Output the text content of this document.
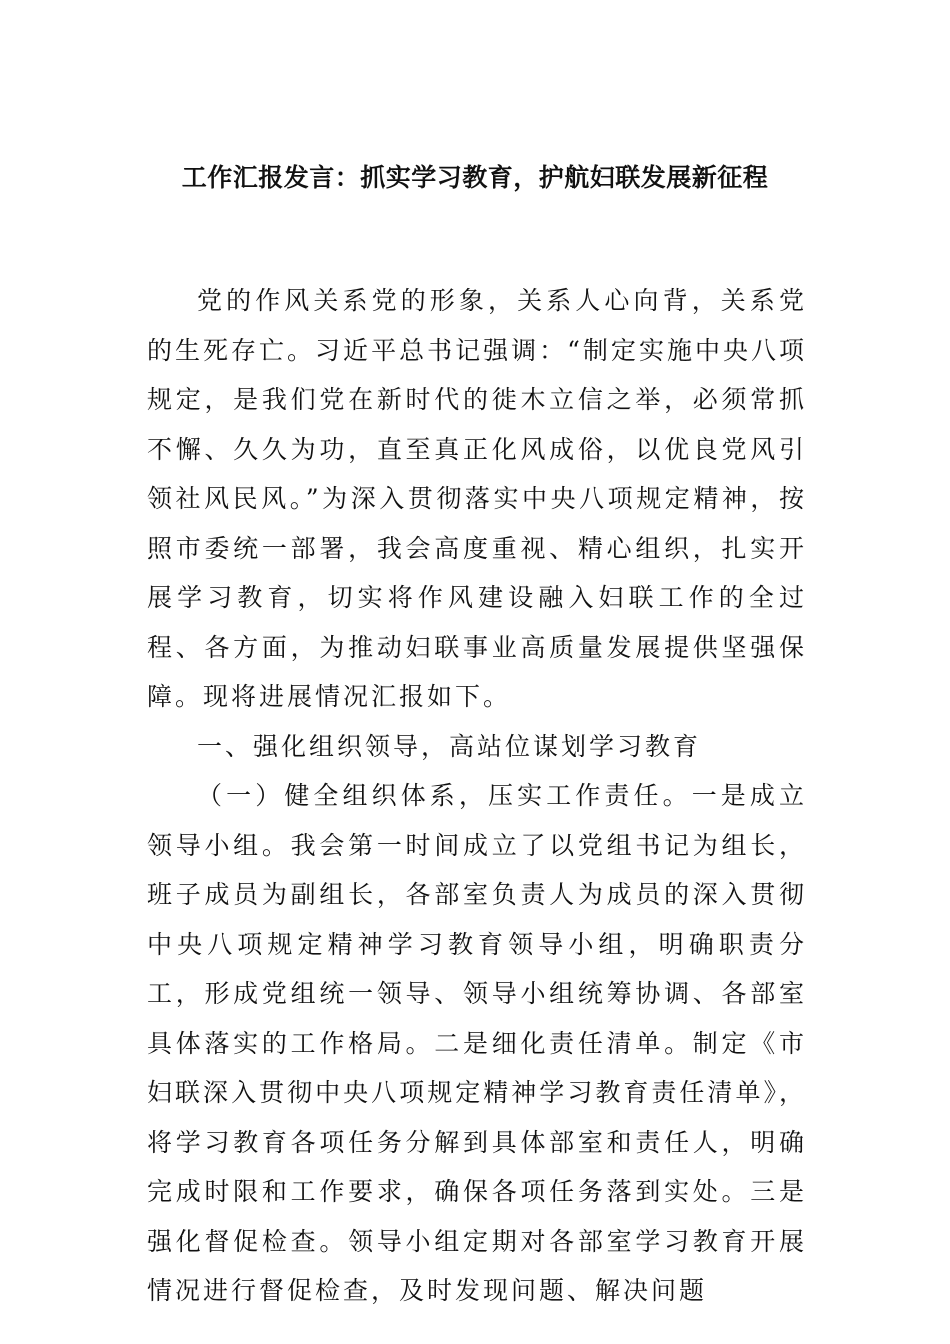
工作汇报发言：抓实学习教育，护航妇联发展新征程

党的作风关系党的形象，关系人心向背，关系党的生死存亡。习近平总书记强调：“制定实施中央八项规定，是我们党在新时代的徙木立信之举，必须常抓不懈、久久为功，直至真正化风成俗，以优良党风引领社风民风。”为深入贯彻落实中央八项规定精神，按照市委统一部署，我会高度重视、精心组织，扎实开展学习教育，切实将作风建设融入妇联工作的全过程、各方面，为推动妇联事业高质量发展提供坚强保障。现将进展情况汇报如下。

一、强化组织领导，高站位谋划学习教育

（一）健全组织体系，压实工作责任。一是成立领导小组。我会第一时间成立了以党组书记为组长，班子成员为副组长，各部室负责人为成员的深入贯彻中央八项规定精神学习教育领导小组，明确职责分工，形成党组统一领导、领导小组统筹协调、各部室具体落实的工作格局。二是细化责任清单。制定《市妇联深入贯彻中央八项规定精神学习教育责任清单》，将学习教育各项任务分解到具体部室和责任人，明确完成时限和工作要求，确保各项任务落到实处。三是强化督促检查。领导小组定期对各部室学习教育开展情况进行督促检查，及时发现问题、解决问题
